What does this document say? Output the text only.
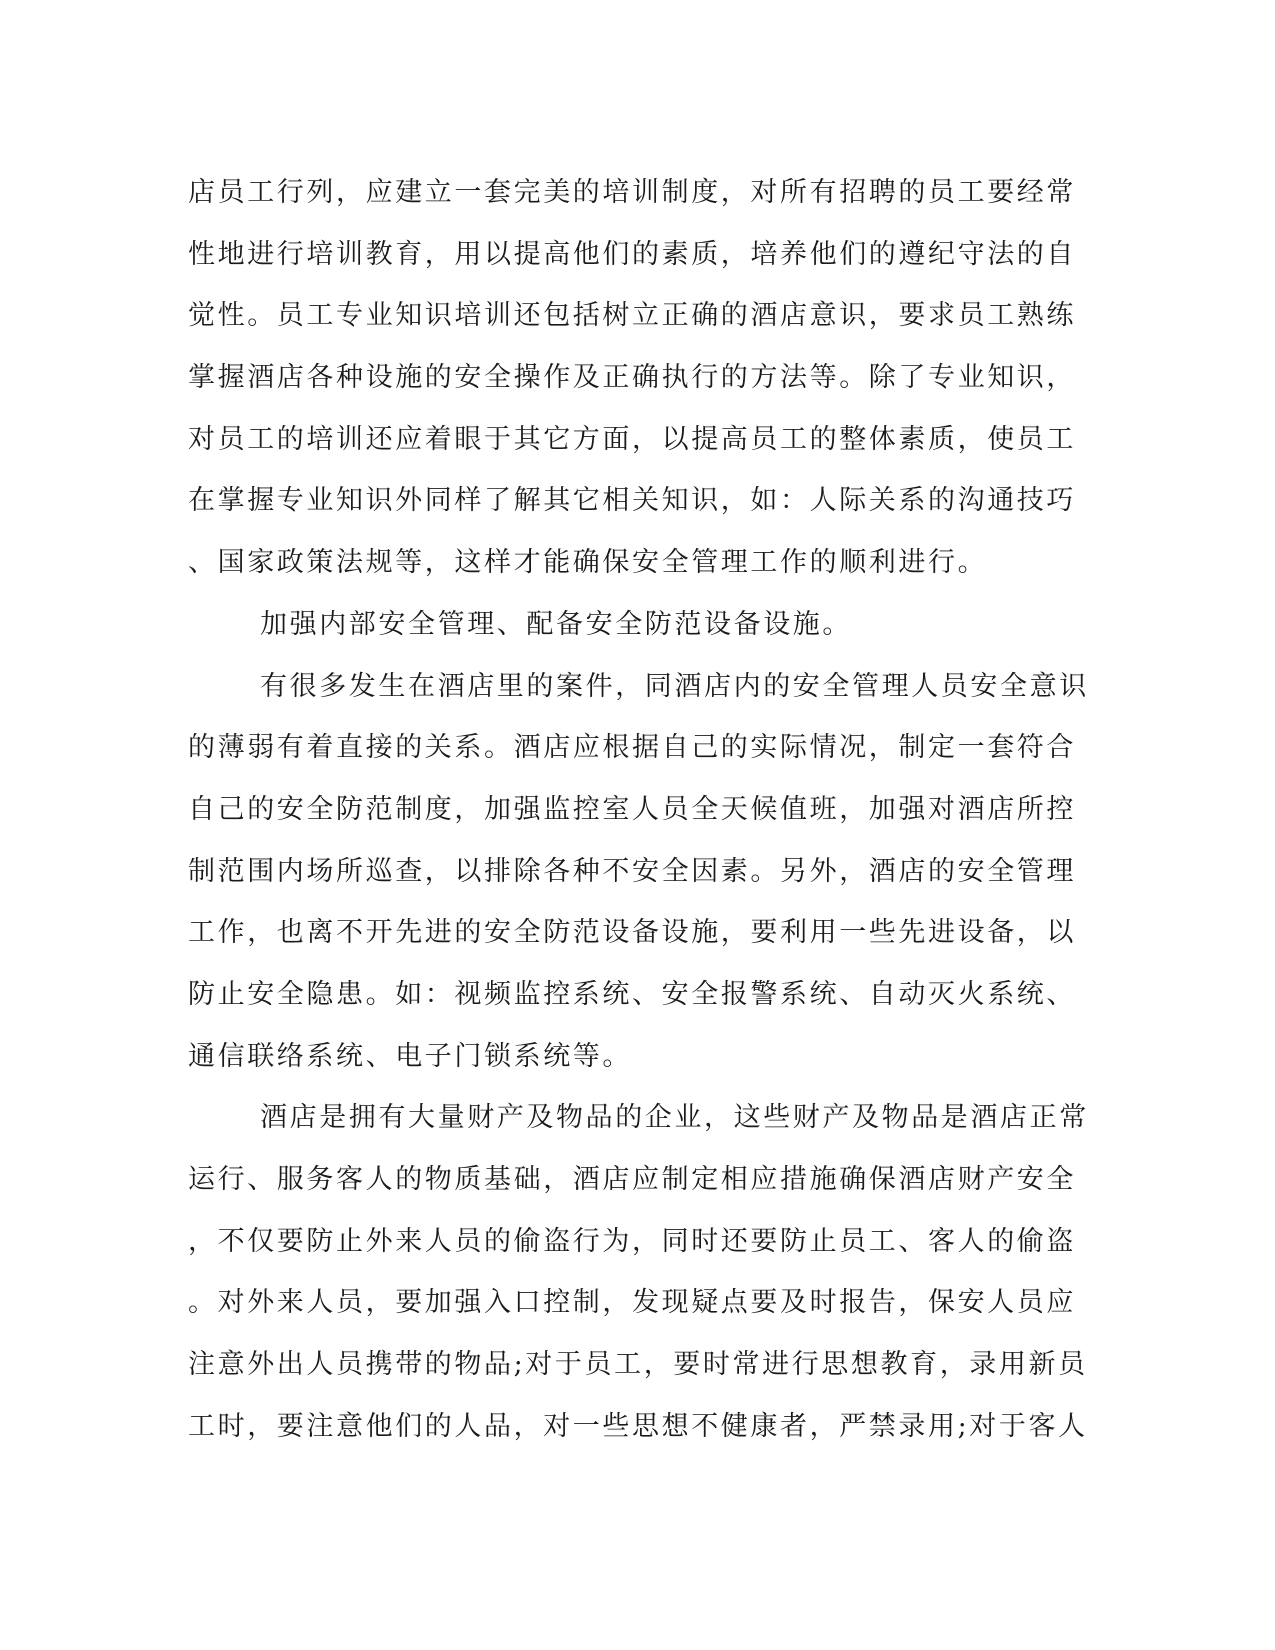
店员工行列，应建立一套完美的培训制度，对所有招聘的员工要经常
性地进行培训教育，用以提高他们的素质，培养他们的遵纪守法的自
觉性。员工专业知识培训还包括树立正确的酒店意识，要求员工熟练
掌握酒店各种设施的安全操作及正确执行的方法等。除了专业知识，
对员工的培训还应着眼于其它方面，以提高员工的整体素质，使员工
在掌握专业知识外同样了解其它相关知识，如：人际关系的沟通技巧
、国家政策法规等，这样才能确保安全管理工作的顺利进行。
加强内部安全管理、配备安全防范设备设施。
有很多发生在酒店里的案件，同酒店内的安全管理人员安全意识
的薄弱有着直接的关系。酒店应根据自己的实际情况，制定一套符合
自己的安全防范制度，加强监控室人员全天候值班，加强对酒店所控
制范围内场所巡查，以排除各种不安全因素。另外，酒店的安全管理
工作，也离不开先进的安全防范设备设施，要利用一些先进设备，以
防止安全隐患。如：视频监控系统、安全报警系统、自动灭火系统、
通信联络系统、电子门锁系统等。
酒店是拥有大量财产及物品的企业，这些财产及物品是酒店正常
运行、服务客人的物质基础，酒店应制定相应措施确保酒店财产安全
，不仅要防止外来人员的偷盗行为，同时还要防止员工、客人的偷盗
。对外来人员，要加强入口控制，发现疑点要及时报告，保安人员应
注意外出人员携带的物品;对于员工，要时常进行思想教育，录用新员
工时，要注意他们的人品，对一些思想不健康者，严禁录用;对于客人
